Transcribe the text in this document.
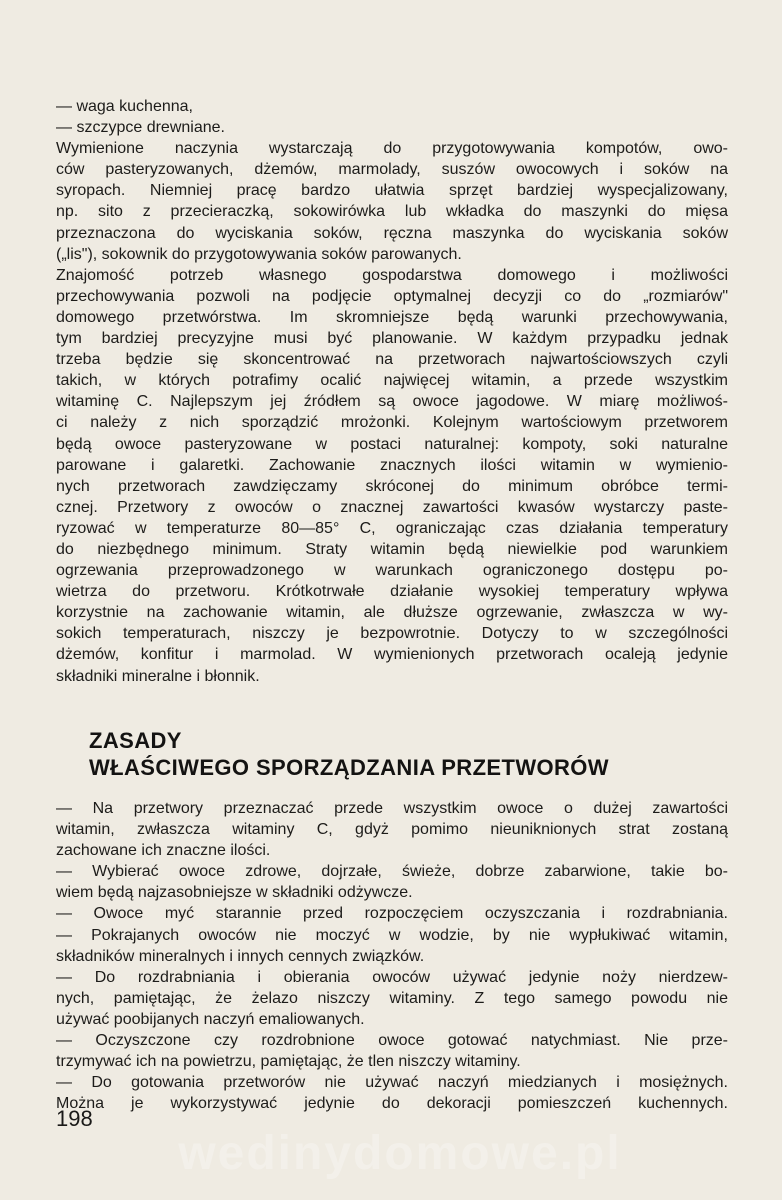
— waga kuchenna,
— szczypce drewniane.
Wymienione naczynia wystarczają do przygotowywania kompotów, owo-
ców pasteryzowanych, dżemów, marmolady, suszów owocowych i soków na
syropach. Niemniej pracę bardzo ułatwia sprzęt bardziej wyspecjalizowany,
np. sito z przecieraczką, sokowirówka lub wkładka do maszynki do mięsa
przeznaczona do wyciskania soków, ręczna maszynka do wyciskania soków
(„lis"), sokownik do przygotowywania soków parowanych.
Znajomość potrzeb własnego gospodarstwa domowego i możliwości
przechowywania pozwoli na podjęcie optymalnej decyzji co do „rozmiarów"
domowego przetwórstwa. Im skromniejsze będą warunki przechowywania,
tym bardziej precyzyjne musi być planowanie. W każdym przypadku jednak
trzeba będzie się skoncentrować na przetworach najwartościowszych czyli
takich, w których potrafimy ocalić najwięcej witamin, a przede wszystkim
witaminę C. Najlepszym jej źródłem są owoce jagodowe. W miarę możliwoś-
ci należy z nich sporządzić mrożonki. Kolejnym wartościowym przetworem
będą owoce pasteryzowane w postaci naturalnej: kompoty, soki naturalne
parowane i galaretki. Zachowanie znacznych ilości witamin w wymienio-
nych przetworach zawdzięczamy skróconej do minimum obróbce termi-
cznej. Przetwory z owoców o znacznej zawartości kwasów wystarczy paste-
ryzować w temperaturze 80—85° C, ograniczając czas działania temperatury
do niezbędnego minimum. Straty witamin będą niewielkie pod warunkiem
ogrzewania przeprowadzonego w warunkach ograniczonego dostępu po-
wietrza do przetworu. Krótkotrwałe działanie wysokiej temperatury wpływa
korzystnie na zachowanie witamin, ale dłuższe ogrzewanie, zwłaszcza w wy-
sokich temperaturach, niszczy je bezpowrotnie. Dotyczy to w szczególności
dżemów, konfitur i marmolad. W wymienionych przetworach ocaleją jedynie
składniki mineralne i błonnik.
ZASADY
WŁAŚCIWEGO SPORZĄDZANIA PRZETWORÓW
— Na przetwory przeznaczać przede wszystkim owoce o dużej zawartości
witamin, zwłaszcza witaminy C, gdyż pomimo nieuniknionych strat zostaną
zachowane ich znaczne ilości.
— Wybierać owoce zdrowe, dojrzałe, świeże, dobrze zabarwione, takie bo-
wiem będą najzasobniejsze w składniki odżywcze.
— Owoce myć starannie przed rozpoczęciem oczyszczania i rozdrabniania.
— Pokrajanych owoców nie moczyć w wodzie, by nie wypłukiwać witamin,
składników mineralnych i innych cennych związków.
— Do rozdrabniania i obierania owoców używać jedynie noży nierdzew-
nych, pamiętając, że żelazo niszczy witaminy. Z tego samego powodu nie
używać poobijanych naczyń emaliowanych.
— Oczyszczone czy rozdrobnione owoce gotować natychmiast. Nie prze-
trzymywać ich na powietrzu, pamiętając, że tlen niszczy witaminy.
— Do gotowania przetworów nie używać naczyń miedzianych i mosiężnych.
Można je wykorzystywać jedynie do dekoracji pomieszczeń kuchennych.
198
wedinydomowe.pl
